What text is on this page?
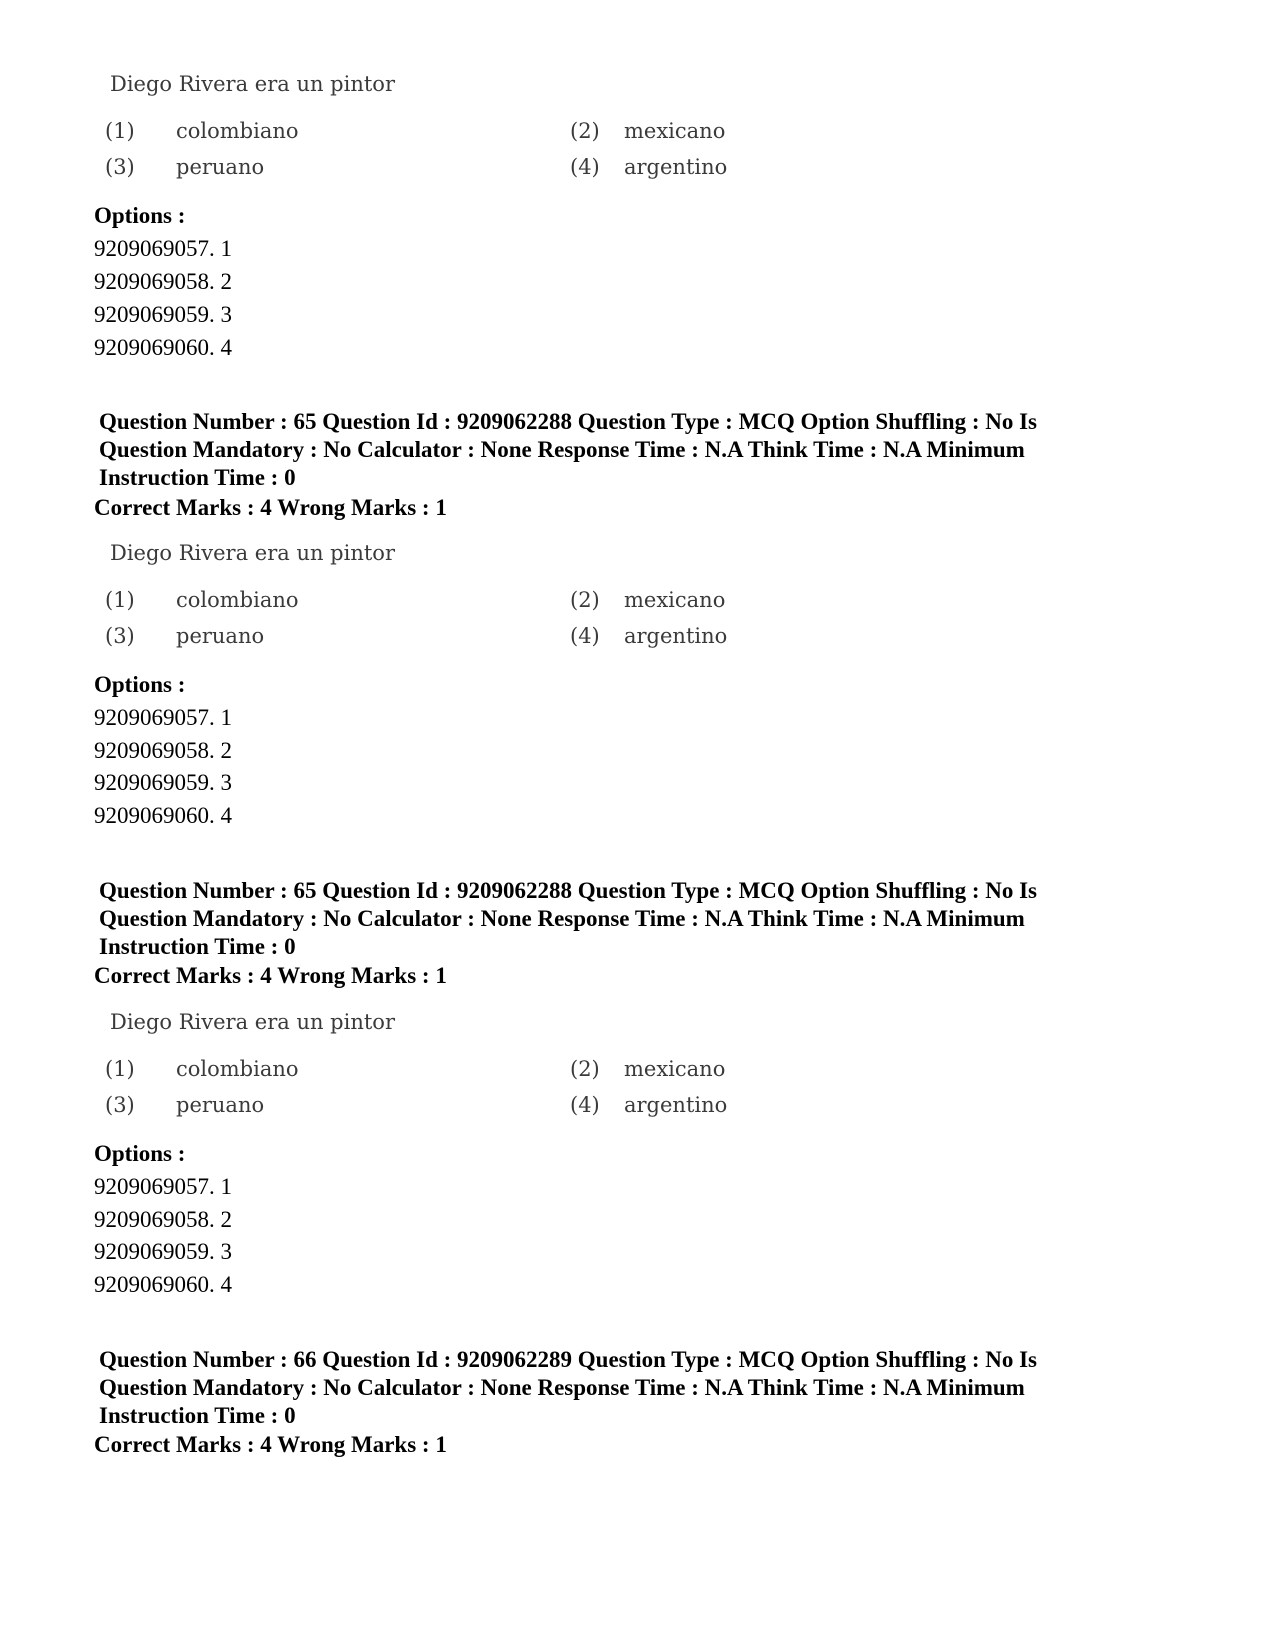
Diego Rivera era un pintor
(1) colombiano	(2) mexicano
(3) peruano	(4) argentino
Options :
9209069057. 1
9209069058. 2
9209069059. 3
9209069060. 4
Question Number : 65 Question Id : 9209062288 Question Type : MCQ Option Shuffling : No Is
Question Mandatory : No Calculator : None Response Time : N.A Think Time : N.A Minimum
Instruction Time : 0
Correct Marks : 4 Wrong Marks : 1
Diego Rivera era un pintor
(1) colombiano	(2) mexicano
(3) peruano	(4) argentino
Options :
9209069057. 1
9209069058. 2
9209069059. 3
9209069060. 4
Question Number : 65 Question Id : 9209062288 Question Type : MCQ Option Shuffling : No Is
Question Mandatory : No Calculator : None Response Time : N.A Think Time : N.A Minimum
Instruction Time : 0
Correct Marks : 4 Wrong Marks : 1
Diego Rivera era un pintor
(1) colombiano	(2) mexicano
(3) peruano	(4) argentino
Options :
9209069057. 1
9209069058. 2
9209069059. 3
9209069060. 4
Question Number : 66 Question Id : 9209062289 Question Type : MCQ Option Shuffling : No Is
Question Mandatory : No Calculator : None Response Time : N.A Think Time : N.A Minimum
Instruction Time : 0
Correct Marks : 4 Wrong Marks : 1
